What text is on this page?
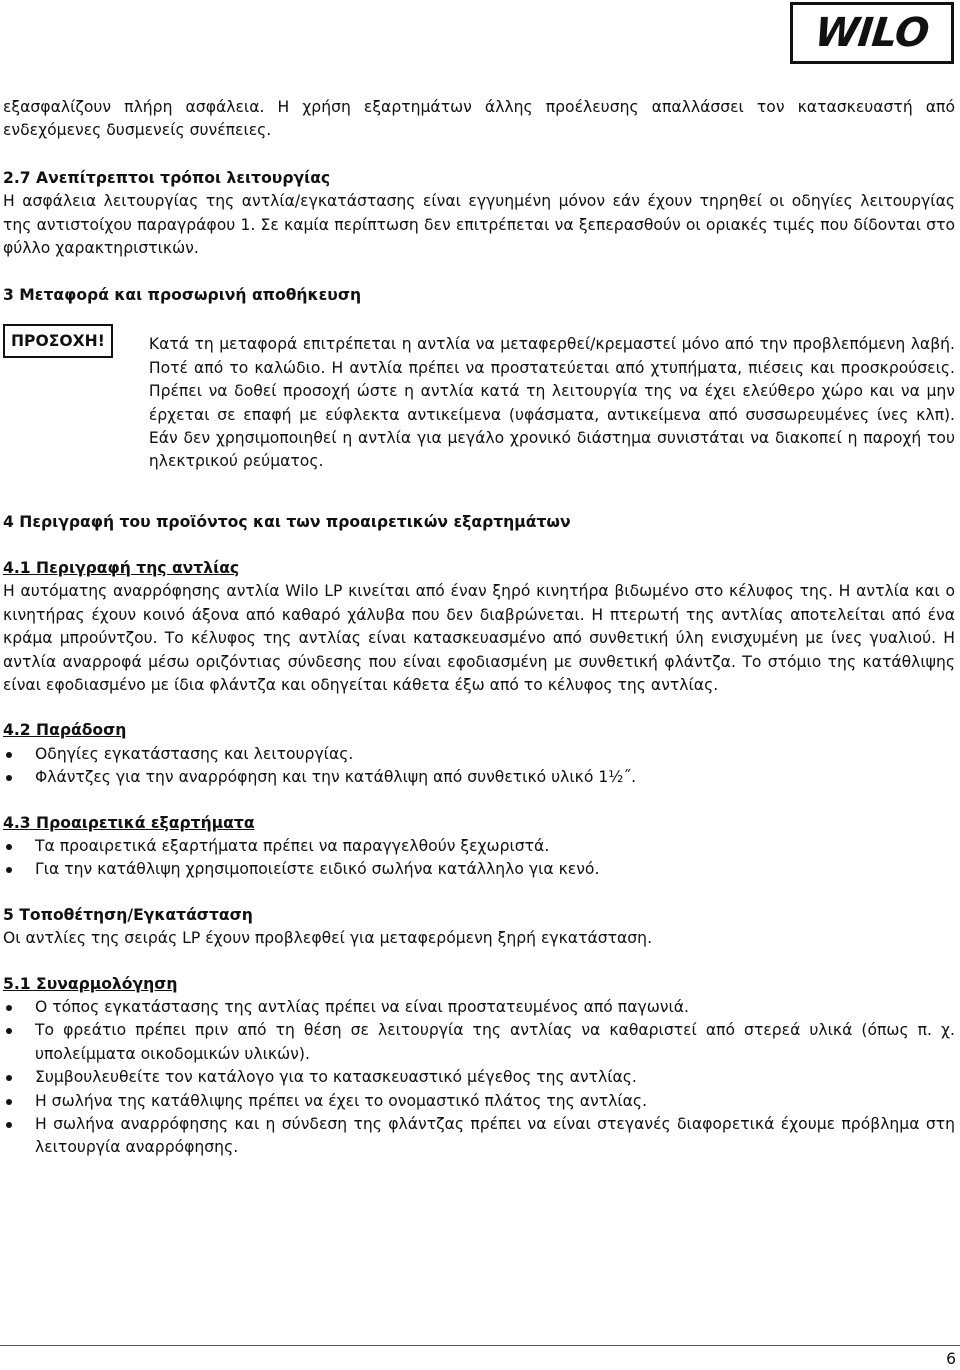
WILO

εξασφαλίζουν πλήρη ασφάλεια. Η χρήση εξαρτημάτων άλλης προέλευσης απαλλάσσει τον κατασκευαστή από ενδεχόμενες δυσμενείς συνέπειες.

2.7 Ανεπίτρεπτοι τρόποι λειτουργίας

Η ασφάλεια λειτουργίας της αντλία/εγκατάστασης είναι εγγυημένη μόνον εάν έχουν τηρηθεί οι οδηγίες λειτουργίας της αντιστοίχου παραγράφου 1. Σε καμία περίπτωση δεν επιτρέπεται να ξεπερασθούν οι οριακές τιμές που δίδονται στο φύλλο χαρακτηριστικών.

3 Μεταφορά και προσωρινή αποθήκευση

ΠΡΟΣΟΧΗ!	Κατά τη μεταφορά επιτρέπεται η αντλία να μεταφερθεί/κρεμαστεί μόνο από την προβλεπόμενη λαβή. Ποτέ από το καλώδιο. Η αντλία πρέπει να προστατεύεται από χτυπήματα, πιέσεις και προσκρούσεις. Πρέπει να δοθεί προσοχή ώστε η αντλία κατά τη λειτουργία της να έχει ελεύθερο χώρο και να μην έρχεται σε επαφή με εύφλεκτα αντικείμενα (υφάσματα, αντικείμενα από συσσωρευμένες ίνες κλπ). Εάν δεν χρησιμοποιηθεί η αντλία για μεγάλο χρονικό διάστημα συνιστάται να διακοπεί η παροχή του ηλεκτρικού ρεύματος.

4 Περιγραφή του προϊόντος και των προαιρετικών εξαρτημάτων

4.1 Περιγραφή της αντλίας

Η αυτόματης αναρρόφησης αντλία Wilo LP κινείται από έναν ξηρό κινητήρα βιδωμένο στο κέλυφος της. Η αντλία και ο κινητήρας έχουν κοινό άξονα από καθαρό χάλυβα που δεν διαβρώνεται. Η πτερωτή της αντλίας αποτελείται από ένα κράμα μπρούντζου. Το κέλυφος της αντλίας είναι κατασκευασμένο από συνθετική ύλη ενισχυμένη με ίνες γυαλιού. Η αντλία αναρροφά μέσω οριζόντιας σύνδεσης που είναι εφοδιασμένη με συνθετική φλάντζα. Το στόμιο της κατάθλιψης είναι εφοδιασμένο με ίδια φλάντζα και οδηγείται κάθετα έξω από το κέλυφος της αντλίας.

4.2 Παράδοση

Οδηγίες εγκατάστασης και λειτουργίας.
Φλάντζες για την αναρρόφηση και την κατάθλιψη από συνθετικό υλικό 1½˝.

4.3 Προαιρετικά εξαρτήματα

Τα προαιρετικά εξαρτήματα πρέπει να παραγγελθούν ξεχωριστά.
Για την κατάθλιψη χρησιμοποιείστε ειδικό σωλήνα κατάλληλο για κενό.

5 Τοποθέτηση/Εγκατάσταση

Οι αντλίες της σειράς LP έχουν προβλεφθεί για μεταφερόμενη ξηρή εγκατάσταση.

5.1 Συναρμολόγηση

Ο τόπος εγκατάστασης της αντλίας πρέπει να είναι προστατευμένος από παγωνιά.
Το φρεάτιο πρέπει πριν από τη θέση σε λειτουργία της αντλίας να καθαριστεί από στερεά υλικά (όπως π. χ. υπολείμματα οικοδομικών υλικών).
Συμβουλευθείτε τον κατάλογο για το κατασκευαστικό μέγεθος της αντλίας.
Η σωλήνα της κατάθλιψης πρέπει να έχει το ονομαστικό πλάτος της αντλίας.
Η σωλήνα αναρρόφησης και η σύνδεση της φλάντζας πρέπει να είναι στεγανές διαφορετικά έχουμε πρόβλημα στη λειτουργία αναρρόφησης.
6
